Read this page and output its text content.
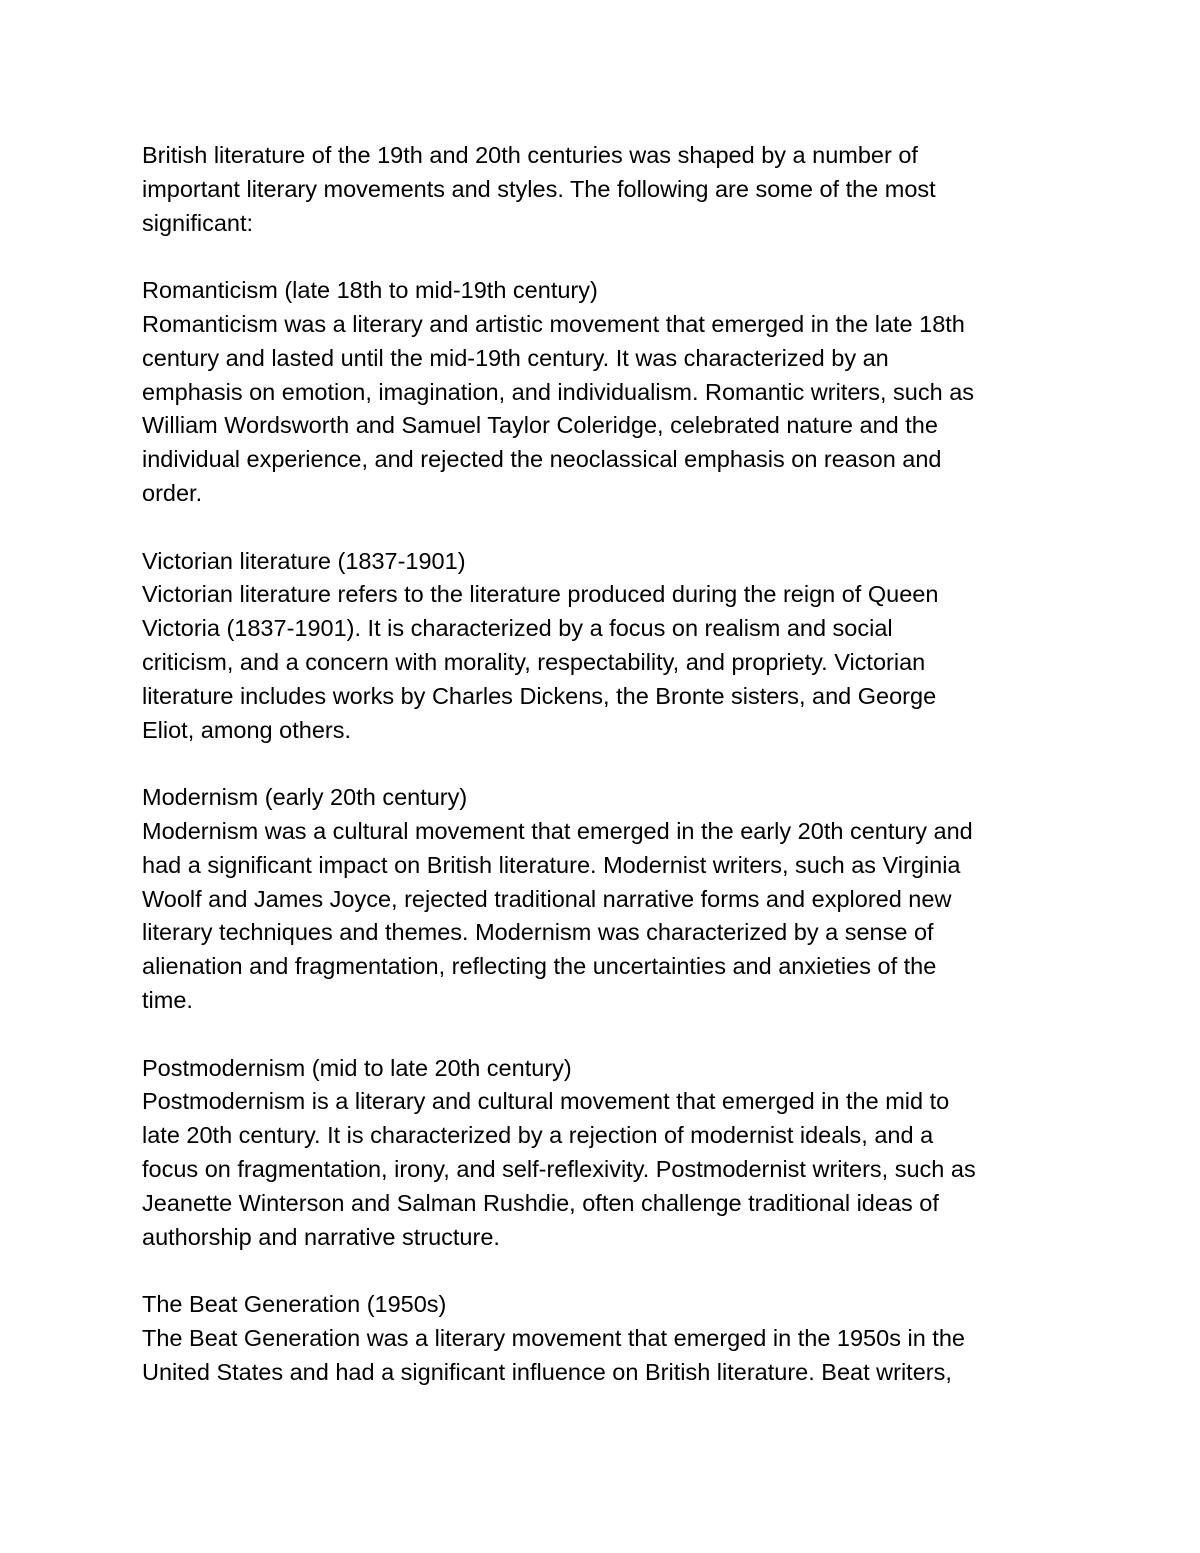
British literature of the 19th and 20th centuries was shaped by a number of
important literary movements and styles. The following are some of the most
significant:

Romanticism (late 18th to mid-19th century)
Romanticism was a literary and artistic movement that emerged in the late 18th
century and lasted until the mid-19th century. It was characterized by an
emphasis on emotion, imagination, and individualism. Romantic writers, such as
William Wordsworth and Samuel Taylor Coleridge, celebrated nature and the
individual experience, and rejected the neoclassical emphasis on reason and
order.

Victorian literature (1837-1901)
Victorian literature refers to the literature produced during the reign of Queen
Victoria (1837-1901). It is characterized by a focus on realism and social
criticism, and a concern with morality, respectability, and propriety. Victorian
literature includes works by Charles Dickens, the Bronte sisters, and George
Eliot, among others.

Modernism (early 20th century)
Modernism was a cultural movement that emerged in the early 20th century and
had a significant impact on British literature. Modernist writers, such as Virginia
Woolf and James Joyce, rejected traditional narrative forms and explored new
literary techniques and themes. Modernism was characterized by a sense of
alienation and fragmentation, reflecting the uncertainties and anxieties of the
time.

Postmodernism (mid to late 20th century)
Postmodernism is a literary and cultural movement that emerged in the mid to
late 20th century. It is characterized by a rejection of modernist ideals, and a
focus on fragmentation, irony, and self-reflexivity. Postmodernist writers, such as
Jeanette Winterson and Salman Rushdie, often challenge traditional ideas of
authorship and narrative structure.

The Beat Generation (1950s)
The Beat Generation was a literary movement that emerged in the 1950s in the
United States and had a significant influence on British literature. Beat writers,
